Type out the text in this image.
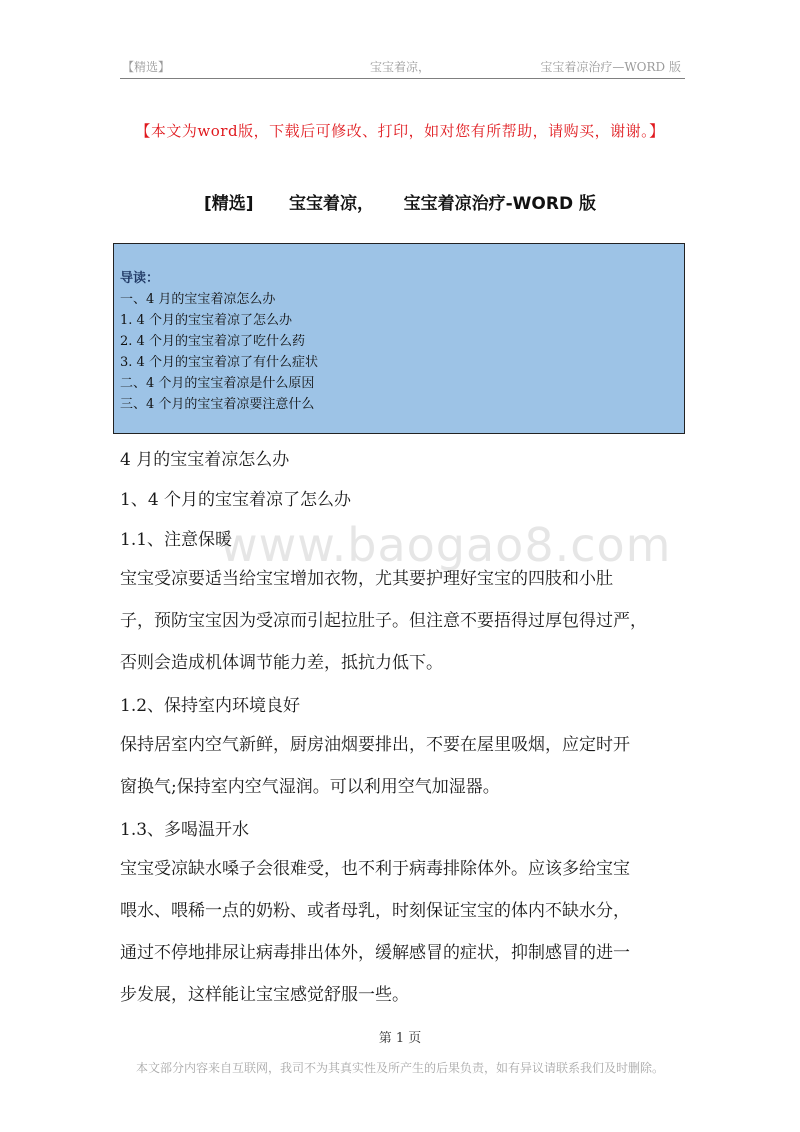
【精选】	宝宝着凉，	宝宝着凉治疗—WORD 版
【本文为word版，下载后可修改、打印，如对您有所帮助，请购买，谢谢。】
[精选]      宝宝着凉，     宝宝着凉治疗-WORD 版
导读：
一、4 月的宝宝着凉怎么办
1. 4 个月的宝宝着凉了怎么办
2. 4 个月的宝宝着凉了吃什么药
3. 4 个月的宝宝着凉了有什么症状
二、4 个月的宝宝着凉是什么原因
三、4 个月的宝宝着凉要注意什么
www.baogao8.com

4 月的宝宝着凉怎么办

1、4 个月的宝宝着凉了怎么办

1.1、注意保暖

宝宝受凉要适当给宝宝增加衣物，尤其要护理好宝宝的四肢和小肚

子，预防宝宝因为受凉而引起拉肚子。但注意不要捂得过厚包得过严，

否则会造成机体调节能力差，抵抗力低下。

1.2、保持室内环境良好

保持居室内空气新鲜，厨房油烟要排出，不要在屋里吸烟，应定时开

窗换气;保持室内空气湿润。可以利用空气加湿器。

1.3、多喝温开水

宝宝受凉缺水嗓子会很难受，也不利于病毒排除体外。应该多给宝宝

喂水、喂稀一点的奶粉、或者母乳，时刻保证宝宝的体内不缺水分，

通过不停地排尿让病毒排出体外，缓解感冒的症状，抑制感冒的进一

步发展，这样能让宝宝感觉舒服一些。

第 1 页
本文部分内容来自互联网，我司不为其真实性及所产生的后果负责，如有异议请联系我们及时删除。
